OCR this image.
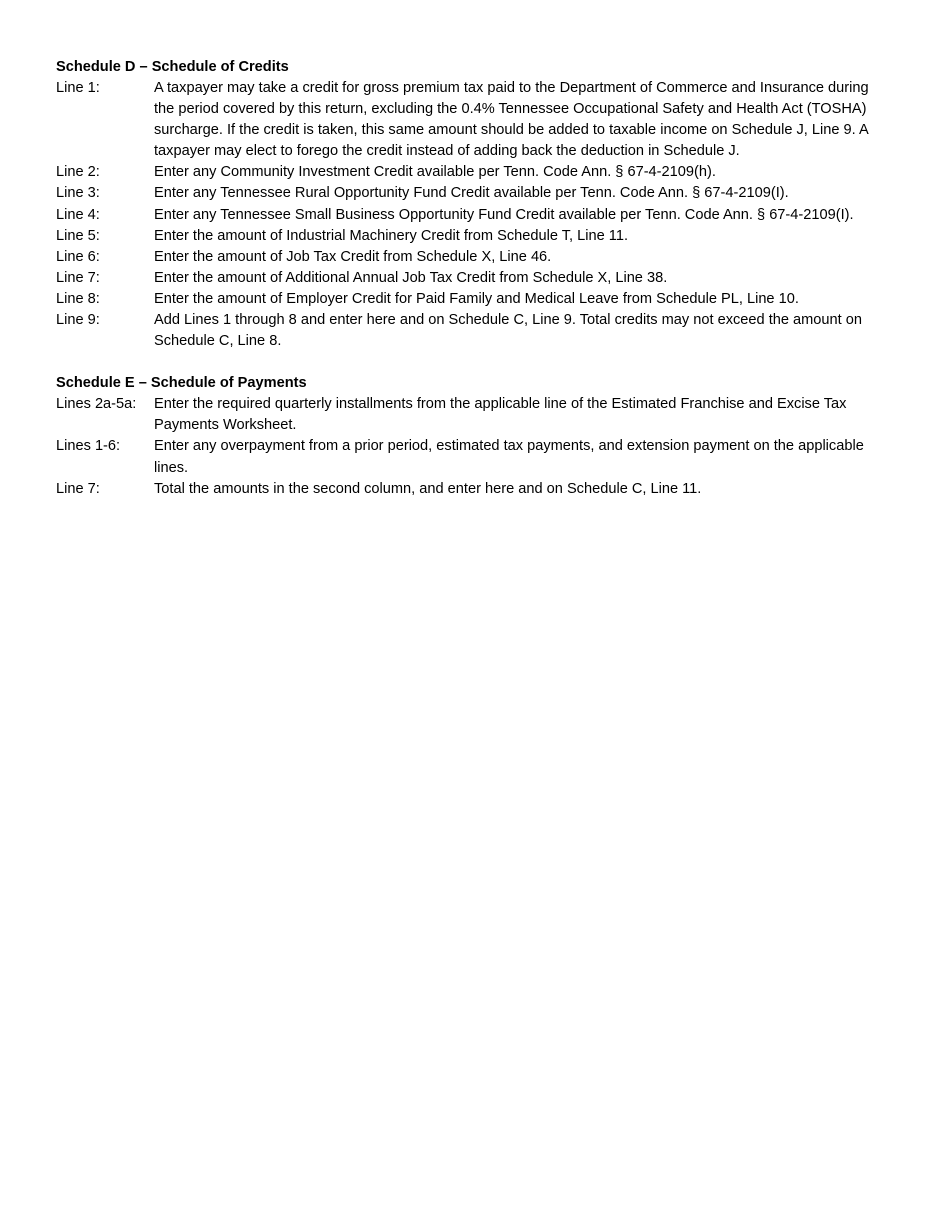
Schedule D – Schedule of Credits
Line 1:	A taxpayer may take a credit for gross premium tax paid to the Department of Commerce and Insurance during the period covered by this return, excluding the 0.4% Tennessee Occupational Safety and Health Act (TOSHA) surcharge. If the credit is taken, this same amount should be added to taxable income on Schedule J, Line 9. A taxpayer may elect to forego the credit instead of adding back the deduction in Schedule J.
Line 2:	Enter any Community Investment Credit available per Tenn. Code Ann. § 67-4-2109(h).
Line 3:	Enter any Tennessee Rural Opportunity Fund Credit available per Tenn. Code Ann. § 67-4-2109(I).
Line 4:	Enter any Tennessee Small Business Opportunity Fund Credit available per Tenn. Code Ann. § 67-4-2109(I).
Line 5:	Enter the amount of Industrial Machinery Credit from Schedule T, Line 11.
Line 6:	Enter the amount of Job Tax Credit from Schedule X, Line 46.
Line 7:	Enter the amount of Additional Annual Job Tax Credit from Schedule X, Line 38.
Line 8:	Enter the amount of Employer Credit for Paid Family and Medical Leave from Schedule PL, Line 10.
Line 9:	Add Lines 1 through 8 and enter here and on Schedule C, Line 9. Total credits may not exceed the amount on Schedule C, Line 8.
Schedule E – Schedule of Payments
Lines 2a-5a: Enter the required quarterly installments from the applicable line of the Estimated Franchise and Excise Tax Payments Worksheet.
Lines 1-6: Enter any overpayment from a prior period, estimated tax payments, and extension payment on the applicable lines.
Line 7:	Total the amounts in the second column, and enter here and on Schedule C, Line 11.
